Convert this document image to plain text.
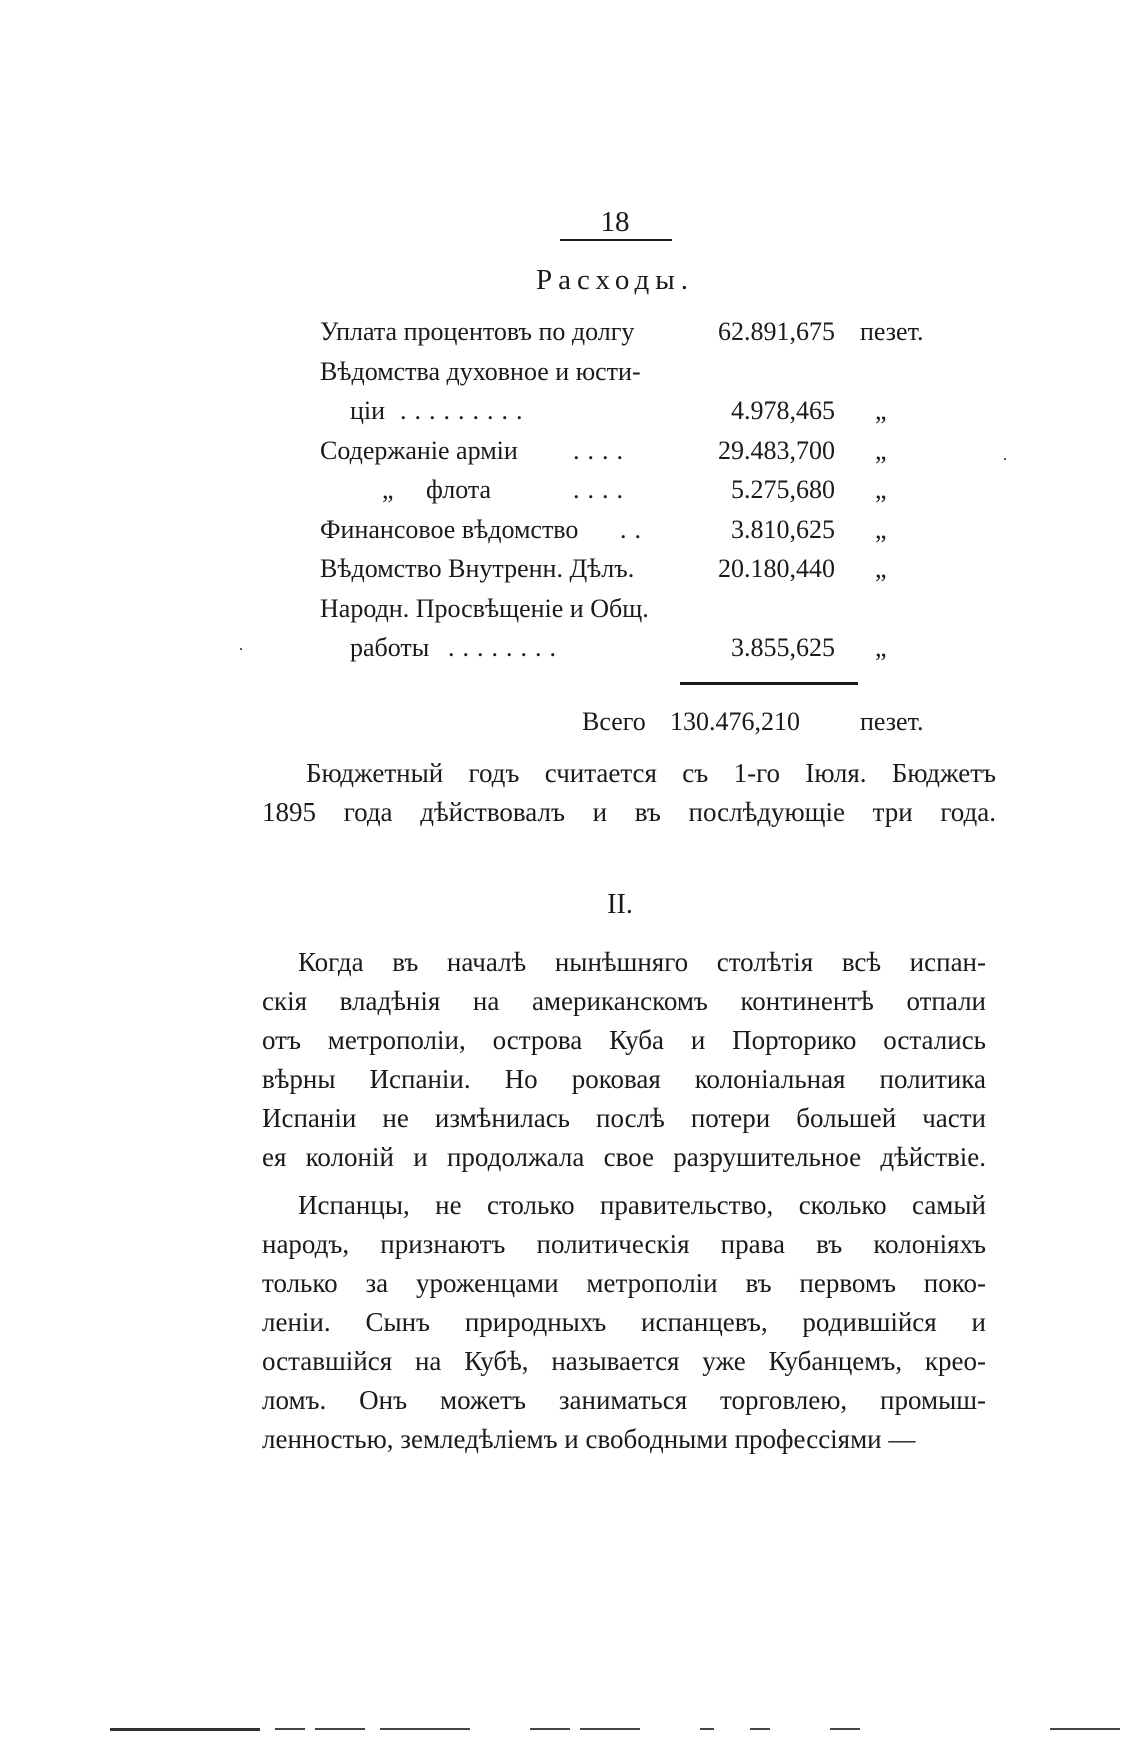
18
Расходы.
Уплата процентовъ по долгу	62.891,675 пезет.
Вѣдомства духовное и юсти-
ціи .........	4.978,465 „
Содержаніе арміи ....	29.483,700 „
„     флота	....	5.275,680 „
Финансовое вѣдомство ..	3.810,625 „
Вѣдомство Внутренн. Дѣлъ.	20.180,440 „
Народн. Просвѣщеніе и Общ.
работы ........	3.855,625 „
Всего 130.476,210 пезет.
Бюджетный годъ считается съ 1-го Іюля. Бюджетъ
1895 года дѣйствовалъ и въ послѣдующіе три года.
II.
Когда въ началѣ нынѣшняго столѣтія всѣ испан-
скія владѣнія на американскомъ континентѣ отпали
отъ метрополіи, острова Куба и Порторико остались
вѣрны Испаніи. Но роковая колоніальная политика
Испаніи не измѣнилась послѣ потери большей части
ея колоній и продолжала свое разрушительное дѣйствіе.
Испанцы, не столько правительство, сколько самый
народъ, признаютъ политическія права въ колоніяхъ
только за уроженцами метрополіи въ первомъ поко-
леніи. Сынъ природныхъ испанцевъ, родившійся и
оставшійся на Кубѣ, называется уже Кубанцемъ, крео-
ломъ. Онъ можетъ заниматься торговлею, промыш-
ленностью, земледѣліемъ и свободными профессіями —
